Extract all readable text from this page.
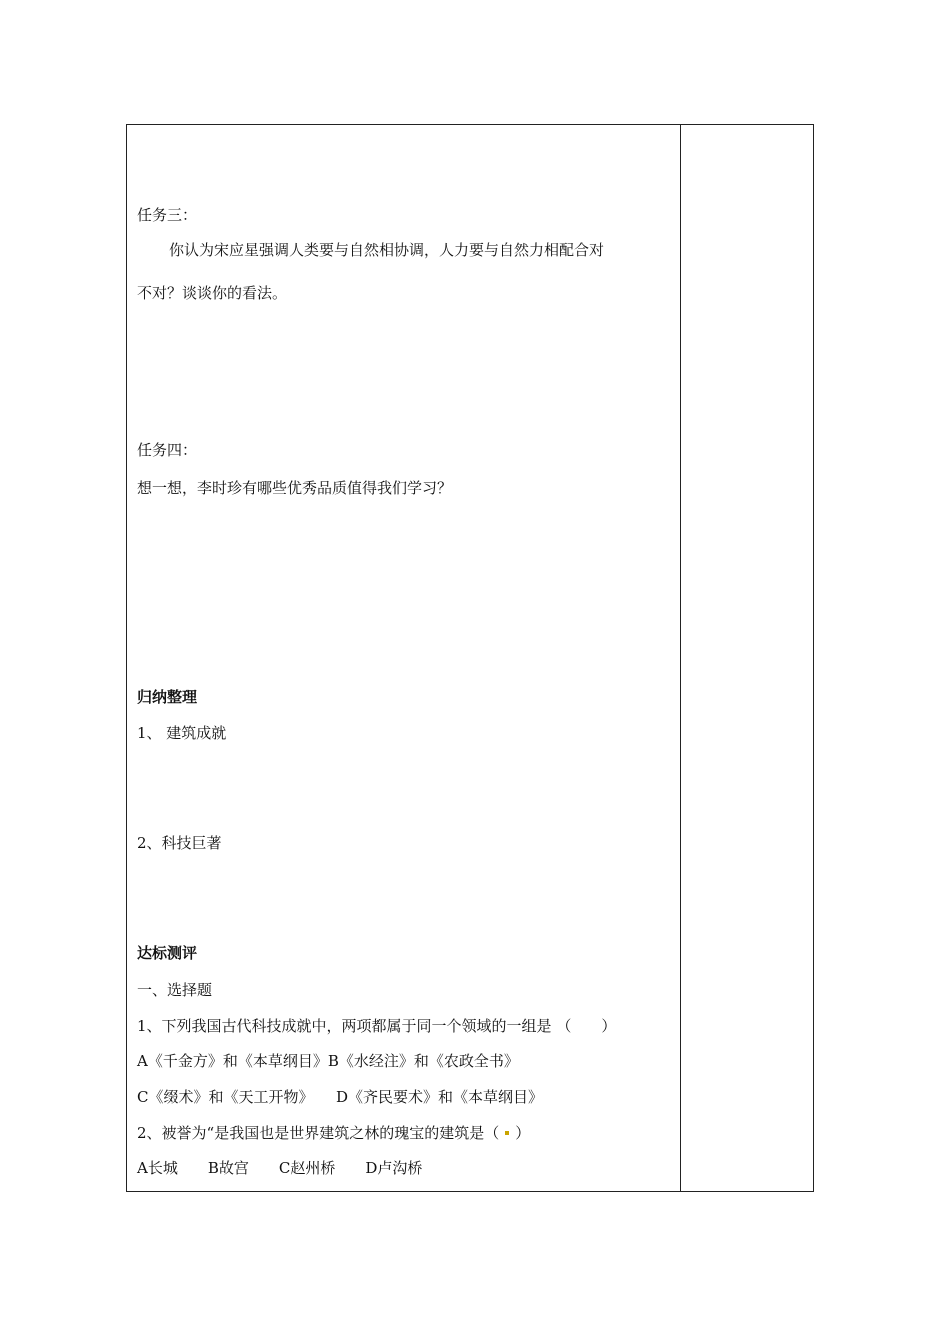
任务三：
你认为宋应星强调人类要与自然相协调，人力要与自然力相配合对
不对？谈谈你的看法。
任务四：
想一想，李时珍有哪些优秀品质值得我们学习？
归纳整理
1、 建筑成就
2、科技巨著
达标测评
一、选择题
1、下列我国古代科技成就中，两项都属于同一个领域的一组是 （　　）
A《千金方》和《本草纲目》B《水经注》和《农政全书》
C《缀术》和《天工开物》　　D《齐民要术》和《本草纲目》
2、被誉为“是我国也是世界建筑之林的瑰宝的建筑是（ ）
A长城　　B故宫　　C赵州桥　　D卢沟桥
